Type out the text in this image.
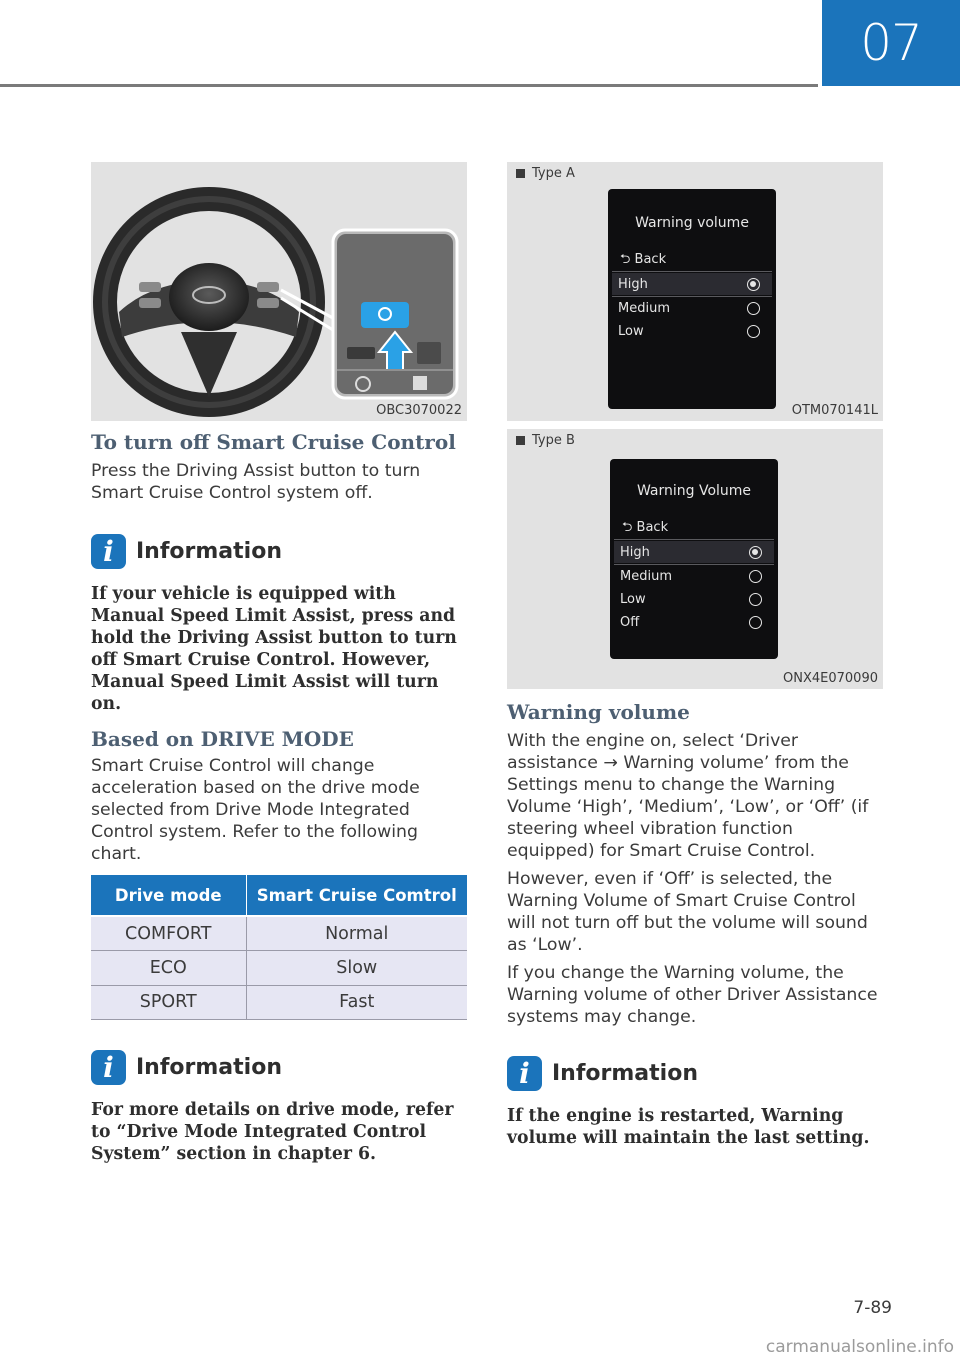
07
OBC3070022
To turn off Smart Cruise Control

Press the Driving Assist button to turn Smart Cruise Control system off.

i	Information

If your vehicle is equipped with Manual Speed Limit Assist, press and hold the Driving Assist button to turn off Smart Cruise Control. However, Manual Speed Limit Assist will turn on.

Based on DRIVE MODE

Smart Cruise Control will change acceleration based on the drive mode selected from Drive Mode Integrated Control system. Refer to the following chart.

Drive mode	Smart Cruise Comtrol
COMFORT	Normal
ECO	Slow
SPORT	Fast
i	Information

For more details on drive mode, refer to “Drive Mode Integrated Control System” section in chapter 6.

Type A
Warning volume
⮌ Back
High
Medium
Low
OTM070141L
Type B
Warning Volume
⮌ Back
High
Medium
Low
Off
ONX4E070090
Warning volume

With the engine on, select ‘Driver assistance → Warning volume’ from the Settings menu to change the Warning Volume ‘High’, ‘Medium’, ‘Low’, or ‘Off’ (if steering wheel vibration function equipped) for Smart Cruise Control.

However, even if ‘Off’ is selected, the Warning Volume of Smart Cruise Control will not turn off but the volume will sound as ‘Low’.

If you change the Warning volume, the Warning volume of other Driver Assistance systems may change.

i	Information

If the engine is restarted, Warning volume will maintain the last setting.

7-89
carmanualsonline.info
